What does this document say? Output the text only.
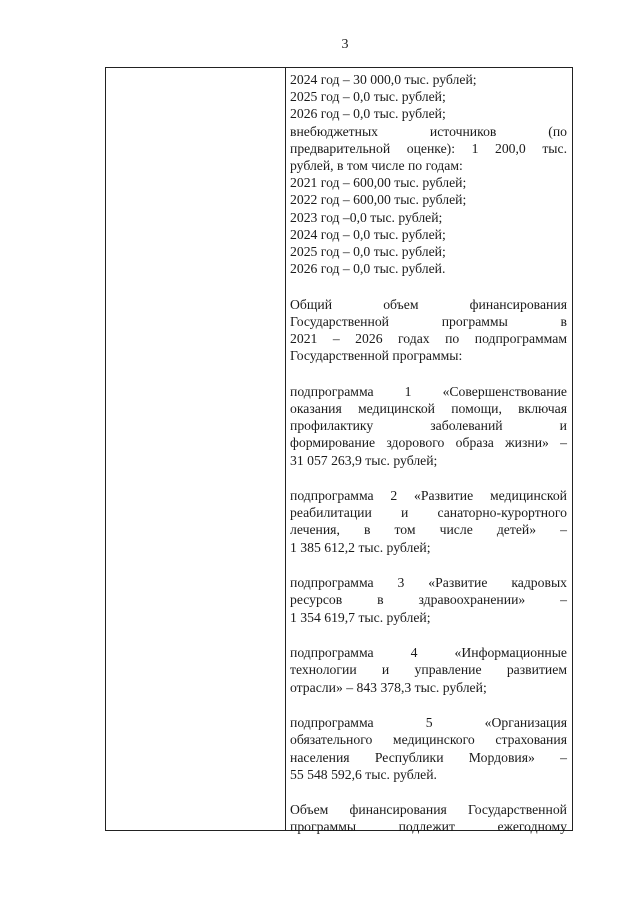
3
2024 год – 30 000,0 тыс. рублей;
2025 год – 0,0 тыс. рублей;
2026 год – 0,0 тыс. рублей;
внебюджетных источников (по
предварительной оценке): 1 200,0 тыс.
рублей, в том числе по годам:
2021 год – 600,00 тыс. рублей;
2022 год – 600,00 тыс. рублей;
2023 год –0,0 тыс. рублей;
2024 год – 0,0 тыс. рублей;
2025 год – 0,0 тыс. рублей;
2026 год – 0,0 тыс. рублей.
Общий объем финансирования
Государственной программы в
2021 – 2026 годах по подпрограммам
Государственной программы:
подпрограмма 1 «Совершенствование
оказания медицинской помощи, включая
профилактику заболеваний и
формирование здорового образа жизни» –
31 057 263,9 тыс. рублей;
подпрограмма 2 «Развитие медицинской
реабилитации и санаторно-курортного
лечения, в том числе детей» –
1 385 612,2 тыс. рублей;
подпрограмма 3 «Развитие кадровых
ресурсов в здравоохранении» –
1 354 619,7 тыс. рублей;
подпрограмма 4 «Информационные
технологии и управление развитием
отрасли» – 843 378,3 тыс. рублей;
подпрограмма 5 «Организация
обязательного медицинского страхования
населения Республики Мордовия» –
55 548 592,6 тыс. рублей.
Объем финансирования Государственной
программы подлежит ежегодному
